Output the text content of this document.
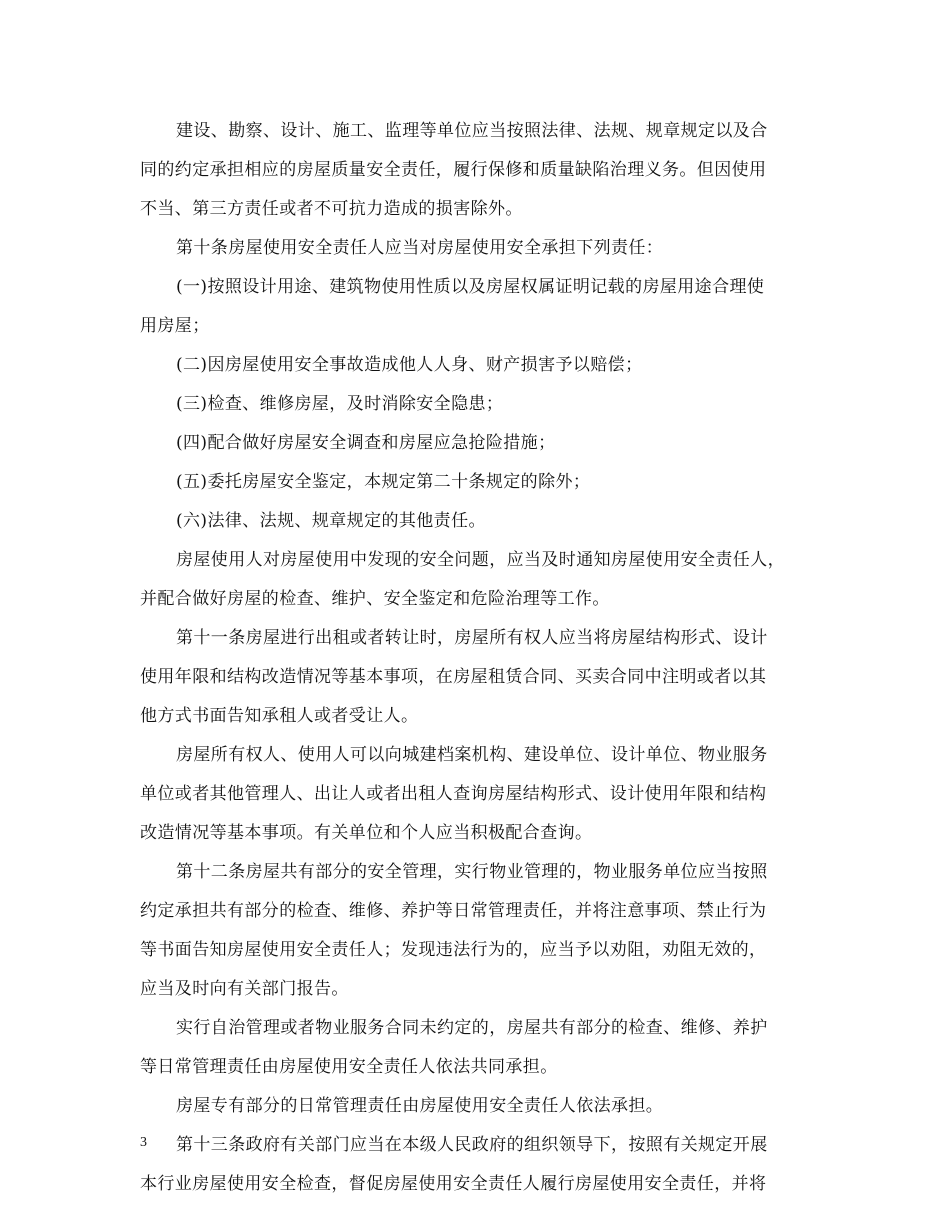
建设、勘察、设计、施工、监理等单位应当按照法律、法规、规章规定以及合
同的约定承担相应的房屋质量安全责任，履行保修和质量缺陷治理义务。但因使用
不当、第三方责任或者不可抗力造成的损害除外。
第十条房屋使用安全责任人应当对房屋使用安全承担下列责任：
(一)按照设计用途、建筑物使用性质以及房屋权属证明记载的房屋用途合理使
用房屋；
(二)因房屋使用安全事故造成他人人身、财产损害予以赔偿；
(三)检查、维修房屋，及时消除安全隐患；
(四)配合做好房屋安全调查和房屋应急抢险措施；
(五)委托房屋安全鉴定，本规定第二十条规定的除外；
(六)法律、法规、规章规定的其他责任。
房屋使用人对房屋使用中发现的安全问题，应当及时通知房屋使用安全责任人，
并配合做好房屋的检查、维护、安全鉴定和危险治理等工作。
第十一条房屋进行出租或者转让时，房屋所有权人应当将房屋结构形式、设计
使用年限和结构改造情况等基本事项，在房屋租赁合同、买卖合同中注明或者以其
他方式书面告知承租人或者受让人。
房屋所有权人、使用人可以向城建档案机构、建设单位、设计单位、物业服务
单位或者其他管理人、出让人或者出租人查询房屋结构形式、设计使用年限和结构
改造情况等基本事项。有关单位和个人应当积极配合查询。
第十二条房屋共有部分的安全管理，实行物业管理的，物业服务单位应当按照
约定承担共有部分的检查、维修、养护等日常管理责任，并将注意事项、禁止行为
等书面告知房屋使用安全责任人；发现违法行为的，应当予以劝阻，劝阻无效的，
应当及时向有关部门报告。
实行自治管理或者物业服务合同未约定的，房屋共有部分的检查、维修、养护
等日常管理责任由房屋使用安全责任人依法共同承担。
房屋专有部分的日常管理责任由房屋使用安全责任人依法承担。
第十三条政府有关部门应当在本级人民政府的组织领导下，按照有关规定开展
本行业房屋使用安全检查，督促房屋使用安全责任人履行房屋使用安全责任，并将
3
